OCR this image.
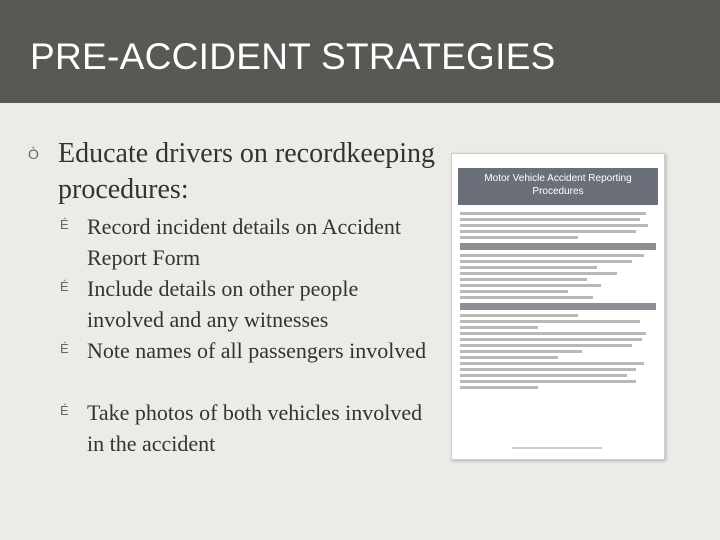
PRE-ACCIDENT STRATEGIES
Ò Educate drivers on recordkeeping procedures:
É Record incident details on Accident Report Form
É Include details on other people involved and any witnesses
É Note names of all passengers involved
É Take photos of both vehicles involved in the accident
Motor Vehicle Accident Reporting Procedures
